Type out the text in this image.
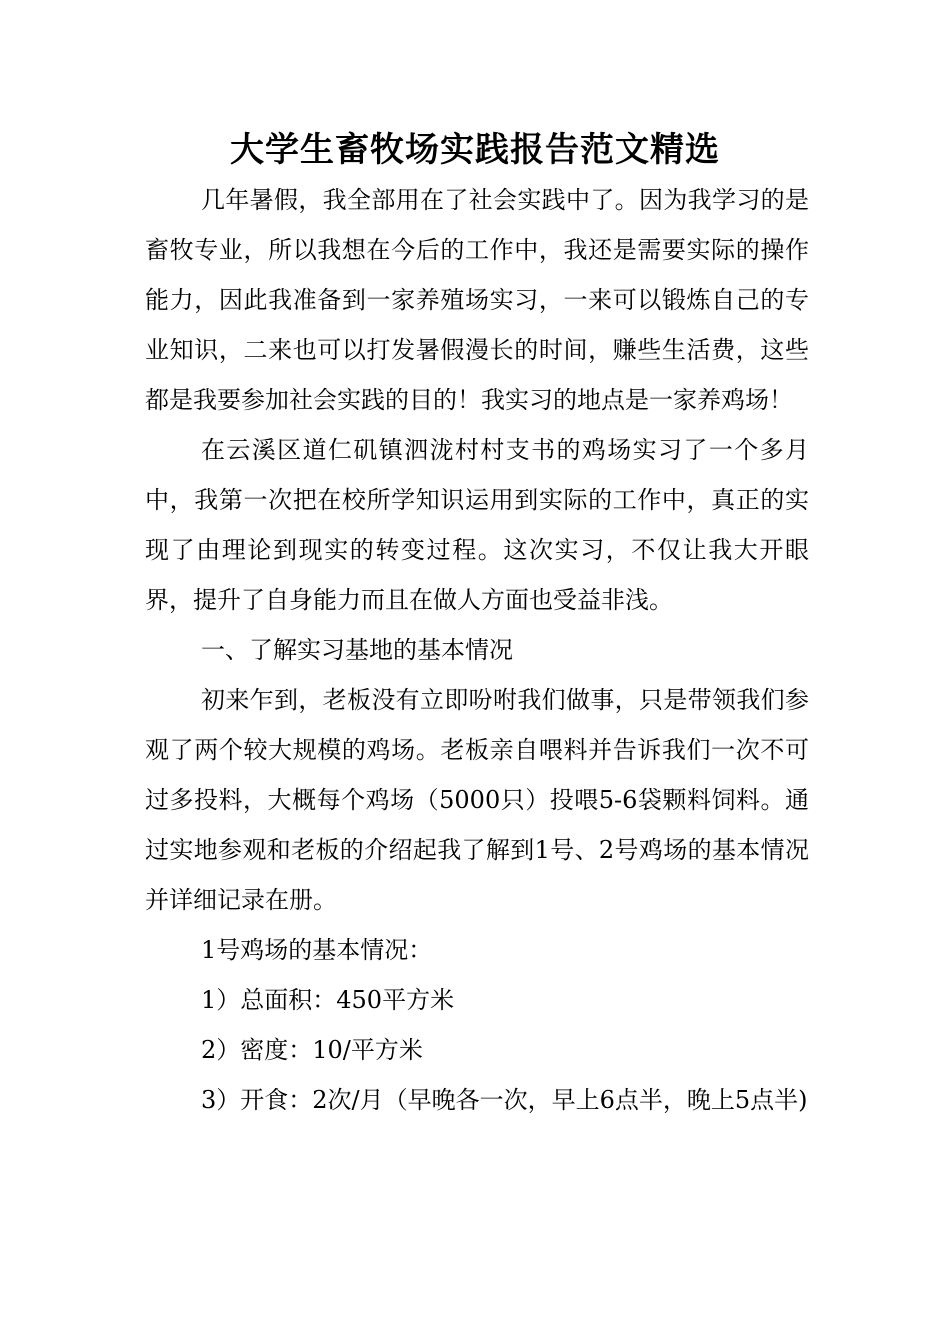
大学生畜牧场实践报告范文精选

几年暑假，我全部用在了社会实践中了。因为我学习的是畜牧专业，所以我想在今后的工作中，我还是需要实际的操作能力，因此我准备到一家养殖场实习，一来可以锻炼自己的专业知识，二来也可以打发暑假漫长的时间，赚些生活费，这些都是我要参加社会实践的目的！我实习的地点是一家养鸡场！

在云溪区道仁矶镇泗泷村村支书的鸡场实习了一个多月中，我第一次把在校所学知识运用到实际的工作中，真正的实现了由理论到现实的转变过程。这次实习，不仅让我大开眼界，提升了自身能力而且在做人方面也受益非浅。

一、了解实习基地的基本情况

初来乍到，老板没有立即吩咐我们做事，只是带领我们参观了两个较大规模的鸡场。老板亲自喂料并告诉我们一次不可过多投料，大概每个鸡场（5000只）投喂5-6袋颗料饲料。通过实地参观和老板的介绍起我了解到1号、2号鸡场的基本情况并详细记录在册。

1号鸡场的基本情况：

1）总面积：450平方米

2）密度：10/平方米

3）开食：2次/月（早晚各一次，早上6点半，晚上5点半)
